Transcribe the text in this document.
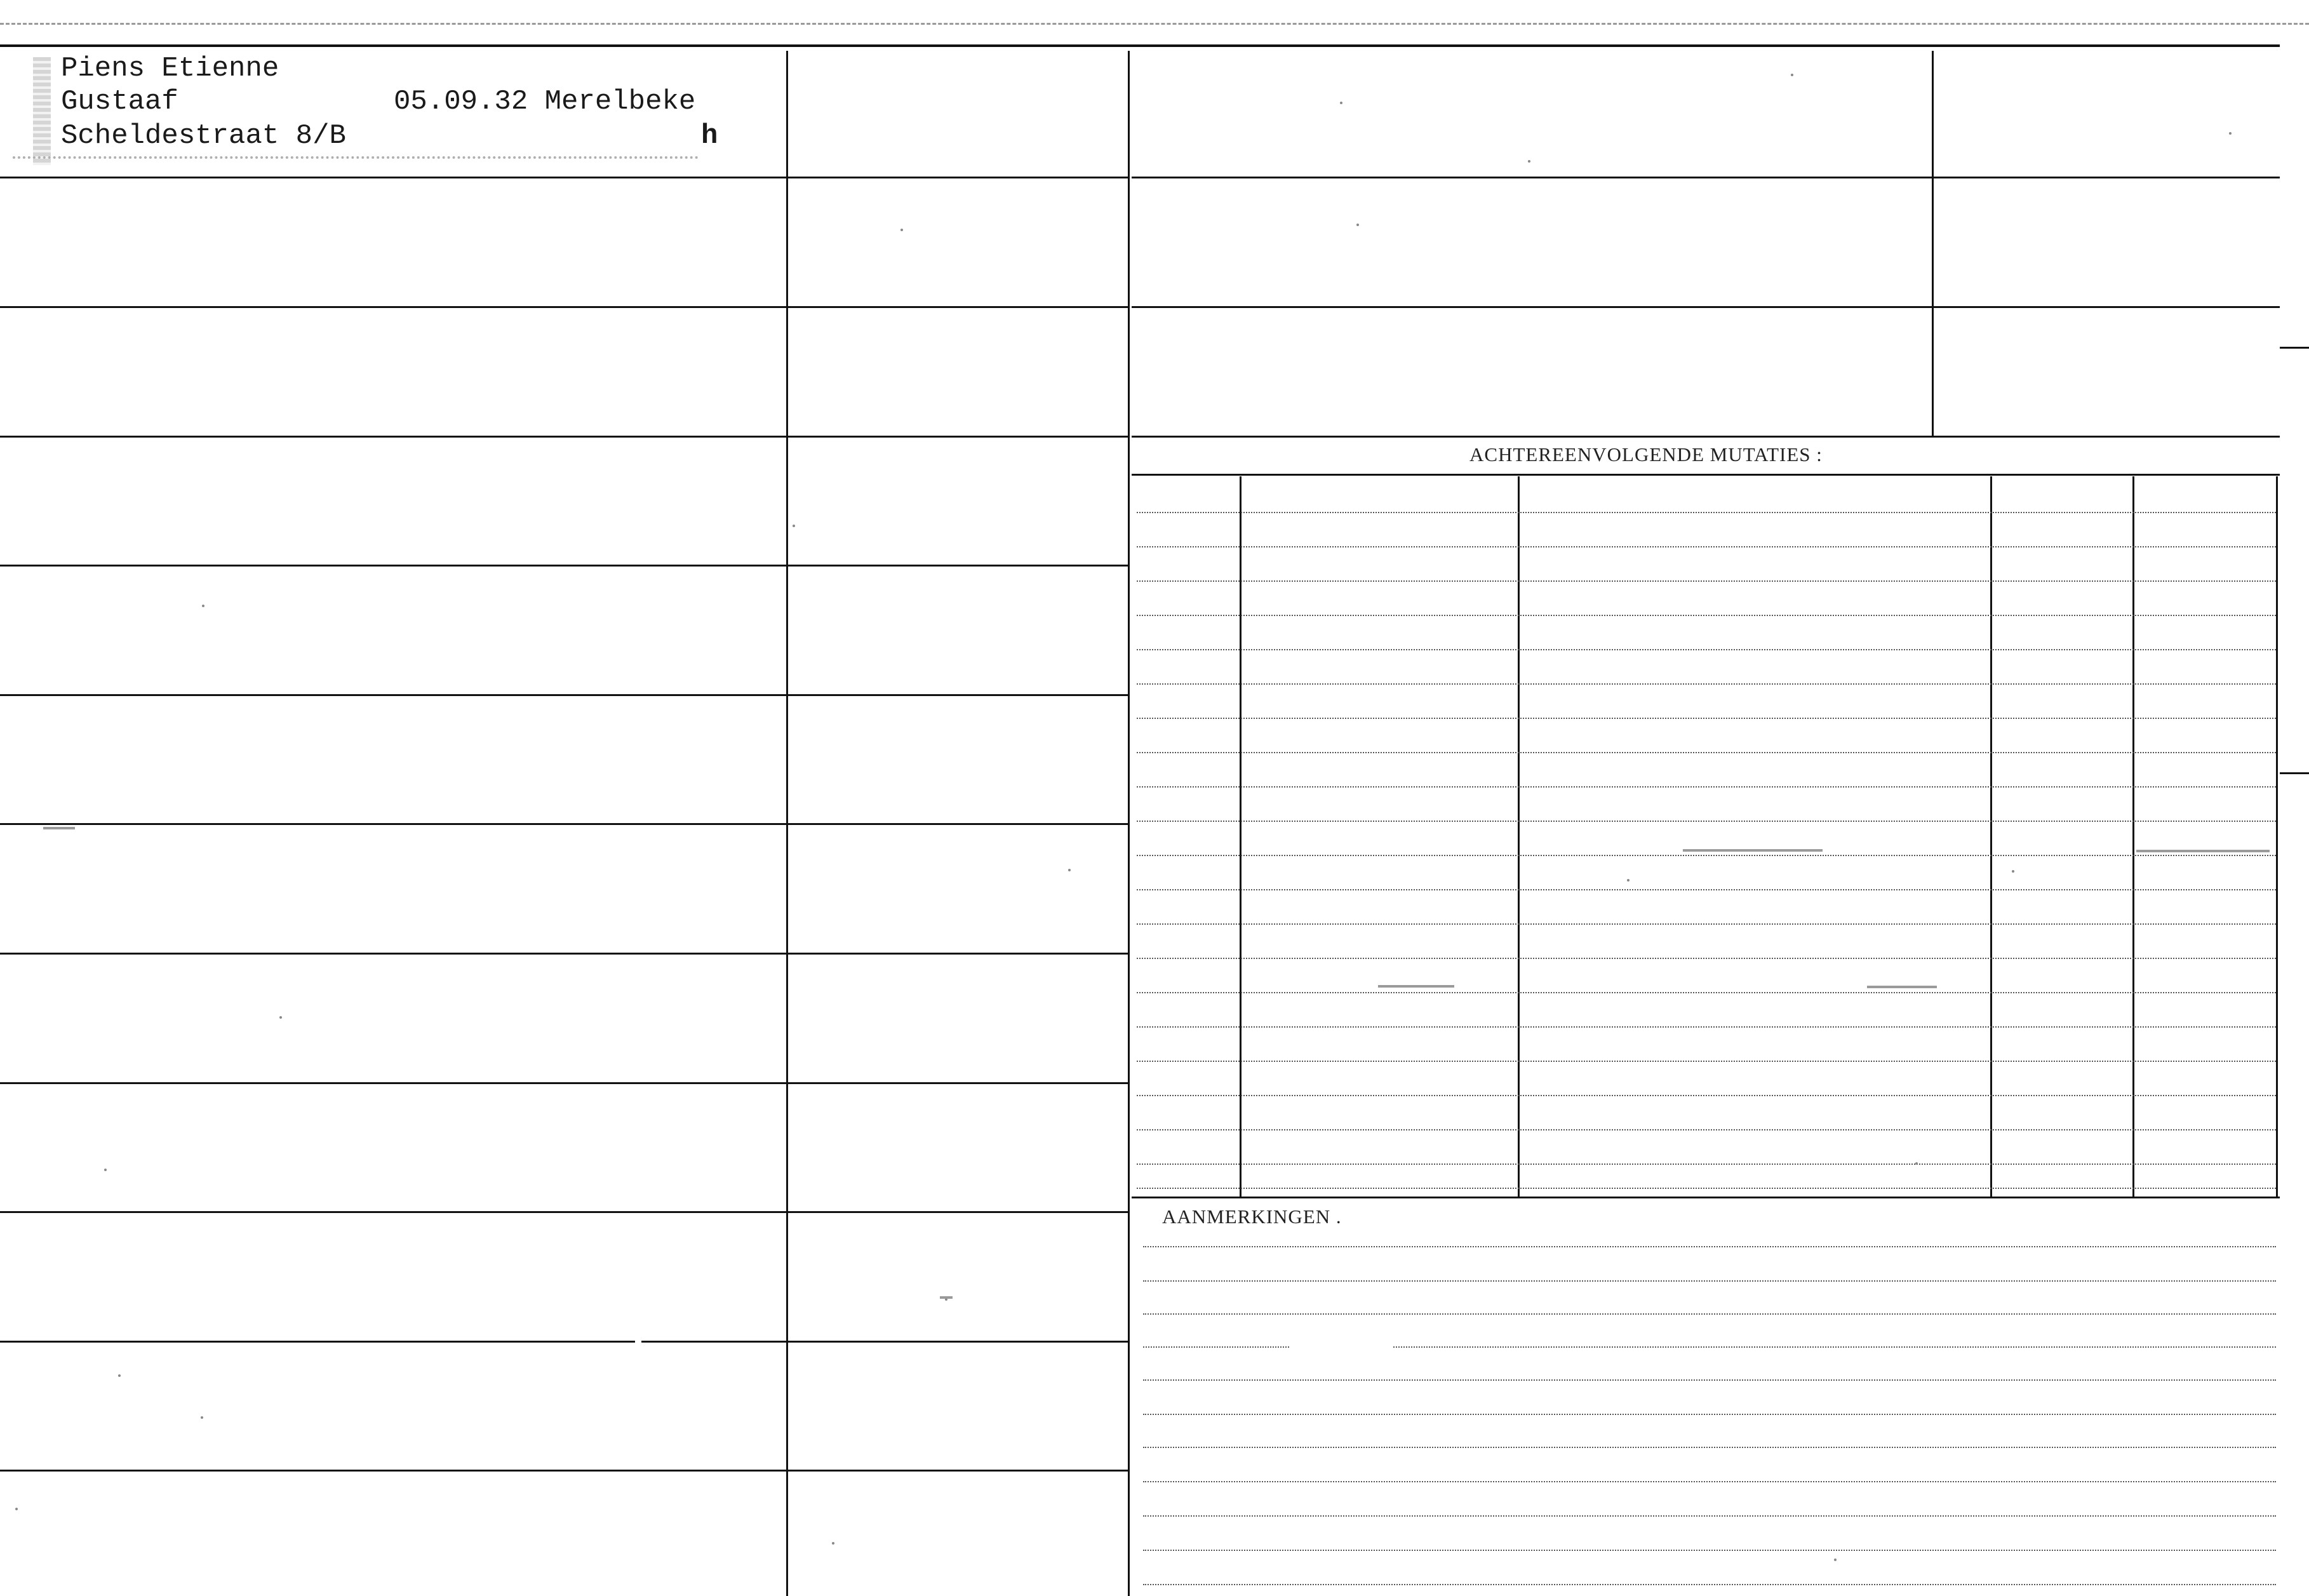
Piens Etienne
Gustaaf
Scheldestraat 8/B
05.09.32 Merelbeke
h
ACHTEREENVOLGENDE MUTATIES :
AANMERKINGEN .
